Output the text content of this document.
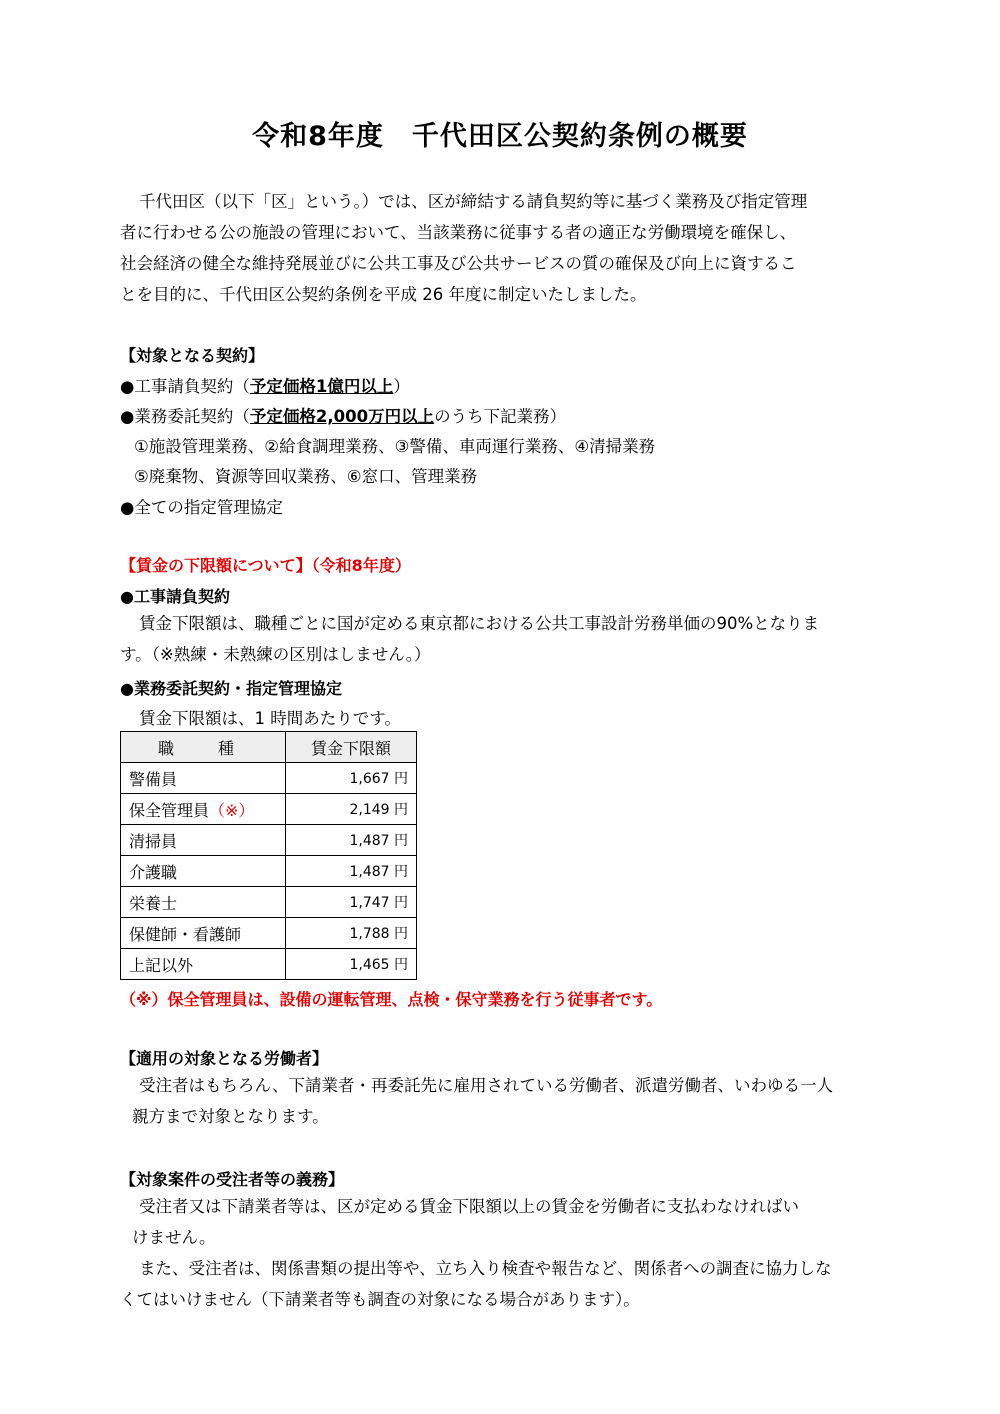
令和8年度　千代田区公契約条例の概要
千代田区（以下「区」という。）では、区が締結する請負契約等に基づく業務及び指定管理
者に行わせる公の施設の管理において、当該業務に従事する者の適正な労働環境を確保し、
社会経済の健全な維持発展並びに公共工事及び公共サービスの質の確保及び向上に資するこ
とを目的に、千代田区公契約条例を平成 26 年度に制定いたしました。
【対象となる契約】
●工事請負契約（予定価格1億円以上）
●業務委託契約（予定価格2,000万円以上のうち下記業務）
①施設管理業務、②給食調理業務、③警備、車両運行業務、④清掃業務
⑤廃棄物、資源等回収業務、⑥窓口、管理業務
●全ての指定管理協定
【賃金の下限額について】（令和8年度）
●工事請負契約
賃金下限額は、職種ごとに国が定める東京都における公共工事設計労務単価の90%となりま
す。（※熟練・未熟練の区別はしません。）
●業務委託契約・指定管理協定
賃金下限額は、1 時間あたりです。
職　種	賃金下限額
警備員	1,667 円
保全管理員（※）	2,149 円
清掃員	1,487 円
介護職	1,487 円
栄養士	1,747 円
保健師・看護師	1,788 円
上記以外	1,465 円
（※）保全管理員は、設備の運転管理、点検・保守業務を行う従事者です。
【適用の対象となる労働者】
受注者はもちろん、下請業者・再委託先に雇用されている労働者、派遣労働者、いわゆる一人
親方まで対象となります。
【対象案件の受注者等の義務】
受注者又は下請業者等は、区が定める賃金下限額以上の賃金を労働者に支払わなければい
けません。
また、受注者は、関係書類の提出等や、立ち入り検査や報告など、関係者への調査に協力しな
くてはいけません（下請業者等も調査の対象になる場合があります）。
